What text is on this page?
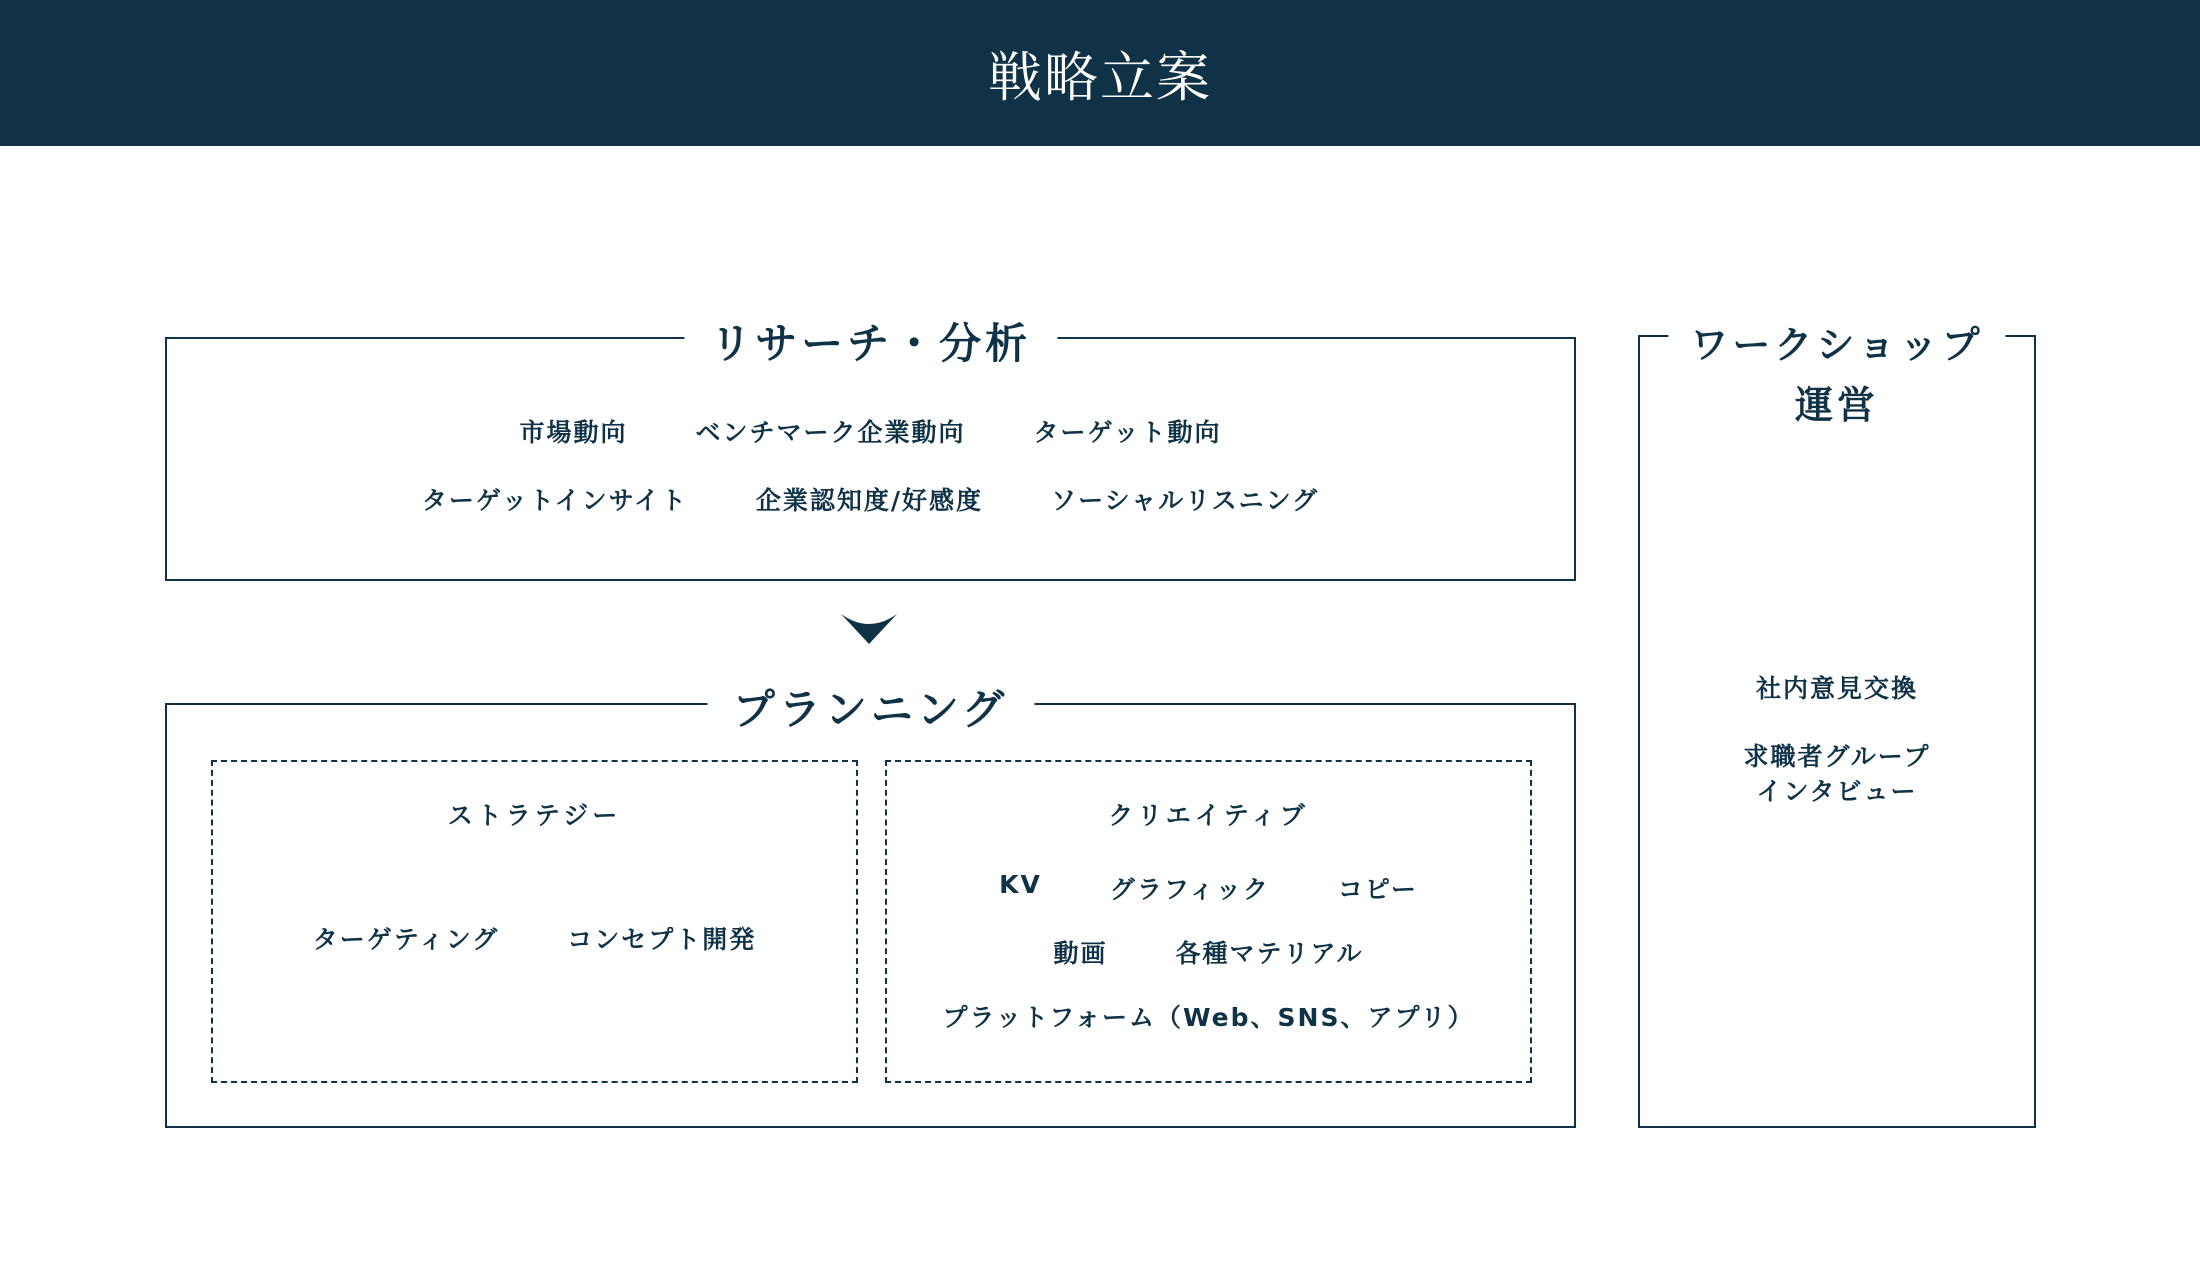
戦略立案
リサーチ・分析
市場動向	ベンチマーク企業動向	ターゲット動向
ターゲットインサイト	企業認知度/好感度	ソーシャルリスニング
プランニング
ストラテジー
ターゲティング	コンセプト開発
クリエイティブ
KV	グラフィック	コピー
動画	各種マテリアル
プラットフォーム（Web、SNS、アプリ）
ワークショップ
運営
社内意見交換
求職者グループ
インタビュー
